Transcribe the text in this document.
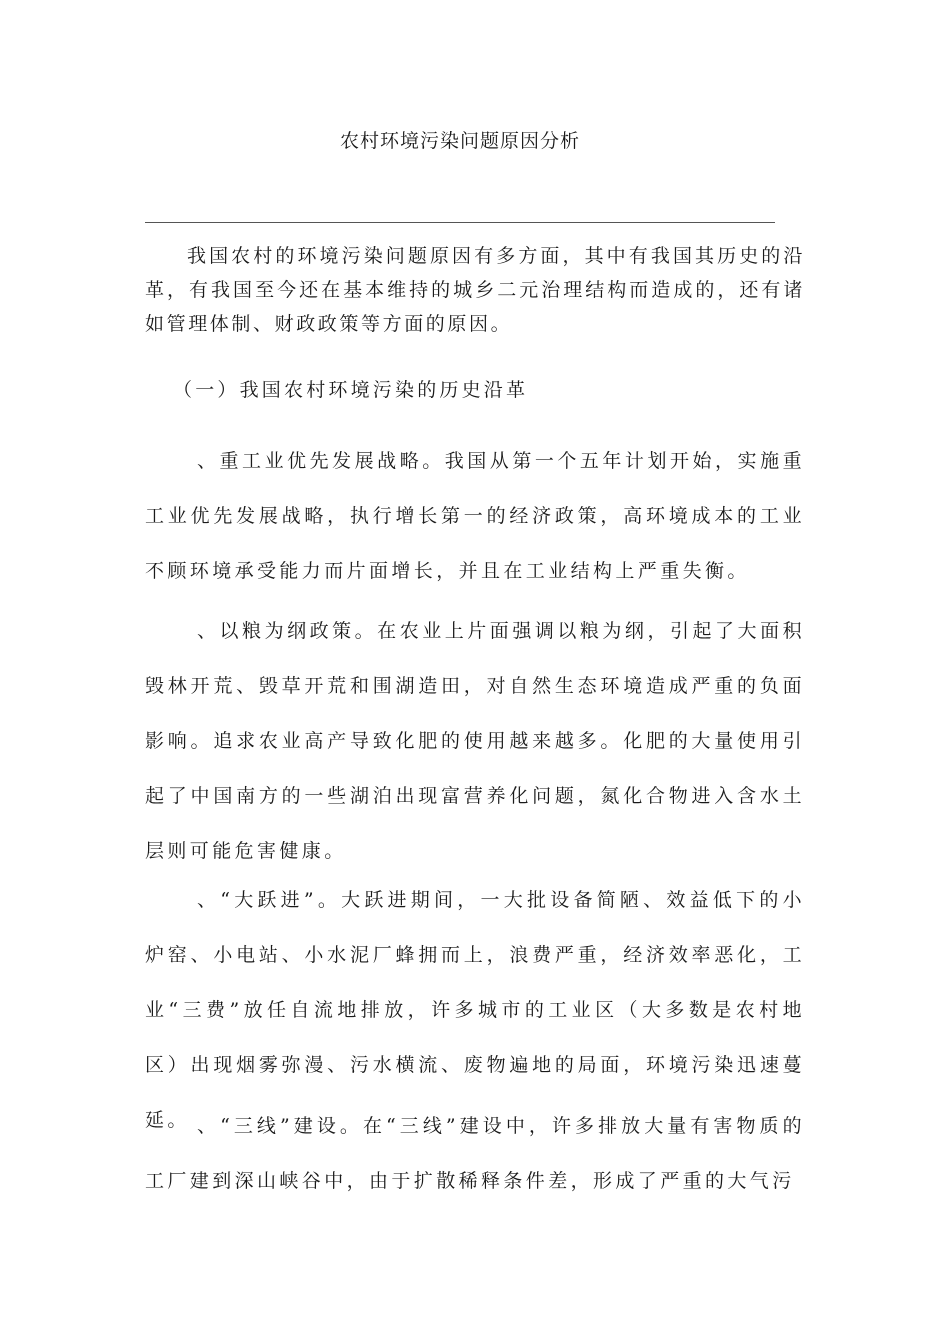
农村环境污染问题原因分析

我国农村的环境污染问题原因有多方面，其中有我国其历史的沿革，有我国至今还在基本维持的城乡二元治理结构而造成的，还有诸如管理体制、财政政策等方面的原因。

（一）我国农村环境污染的历史沿革

、重工业优先发展战略。我国从第一个五年计划开始，实施重工业优先发展战略，执行增长第一的经济政策，高环境成本的工业不顾环境承受能力而片面增长，并且在工业结构上严重失衡。

、以粮为纲政策。在农业上片面强调以粮为纲，引起了大面积毁林开荒、毁草开荒和围湖造田，对自然生态环境造成严重的负面影响。追求农业高产导致化肥的使用越来越多。化肥的大量使用引起了中国南方的一些湖泊出现富营养化问题，氮化合物进入含水土层则可能危害健康。

、“大跃进”。大跃进期间，一大批设备简陋、效益低下的小炉窑、小电站、小水泥厂蜂拥而上，浪费严重，经济效率恶化，工业“三费”放任自流地排放，许多城市的工业区（大多数是农村地区）出现烟雾弥漫、污水横流、废物遍地的局面，环境污染迅速蔓延。 、“三线”建设。在“三线”建设中，许多排放大量有害物质的工厂建到深山峡谷中，由于扩散稀释条件差，形成了严重的大气污
